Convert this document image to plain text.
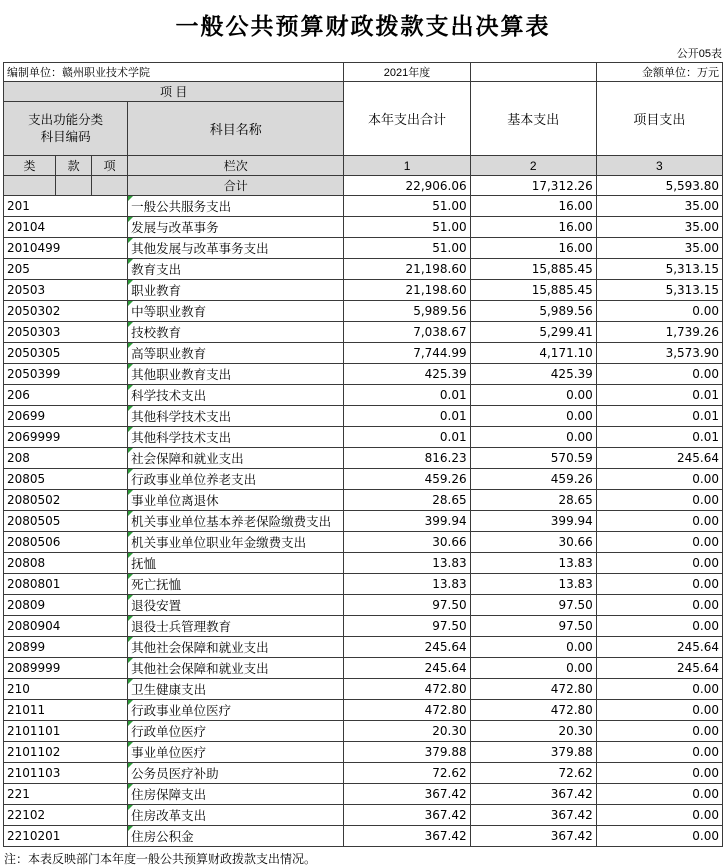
一般公共预算财政拨款支出决算表
公开05表
编制单位：赣州职业技术学院				2021年度		金额单位：万元
项 目				本年支出合计	基本支出	项目支出
支出功能分类
科目编码			科目名称			
类	款	项	栏次	1	2	3
			合计	22,906.06	17,312.26	5,593.80
201			一般公共服务支出	51.00	16.00	35.00
20104			发展与改革事务	51.00	16.00	35.00
2010499			其他发展与改革事务支出	51.00	16.00	35.00
205			教育支出	21,198.60	15,885.45	5,313.15
20503			职业教育	21,198.60	15,885.45	5,313.15
2050302			中等职业教育	5,989.56	5,989.56	0.00
2050303			技校教育	7,038.67	5,299.41	1,739.26
2050305			高等职业教育	7,744.99	4,171.10	3,573.90
2050399			其他职业教育支出	425.39	425.39	0.00
206			科学技术支出	0.01	0.00	0.01
20699			其他科学技术支出	0.01	0.00	0.01
2069999			其他科学技术支出	0.01	0.00	0.01
208			社会保障和就业支出	816.23	570.59	245.64
20805			行政事业单位养老支出	459.26	459.26	0.00
2080502			事业单位离退休	28.65	28.65	0.00
2080505			机关事业单位基本养老保险缴费支出	399.94	399.94	0.00
2080506			机关事业单位职业年金缴费支出	30.66	30.66	0.00
20808			抚恤	13.83	13.83	0.00
2080801			死亡抚恤	13.83	13.83	0.00
20809			退役安置	97.50	97.50	0.00
2080904			退役士兵管理教育	97.50	97.50	0.00
20899			其他社会保障和就业支出	245.64	0.00	245.64
2089999			其他社会保障和就业支出	245.64	0.00	245.64
210			卫生健康支出	472.80	472.80	0.00
21011			行政事业单位医疗	472.80	472.80	0.00
2101101			行政单位医疗	20.30	20.30	0.00
2101102			事业单位医疗	379.88	379.88	0.00
2101103			公务员医疗补助	72.62	72.62	0.00
221			住房保障支出	367.42	367.42	0.00
22102			住房改革支出	367.42	367.42	0.00
2210201			住房公积金	367.42	367.42	0.00
注：本表反映部门本年度一般公共预算财政拨款支出情况。
